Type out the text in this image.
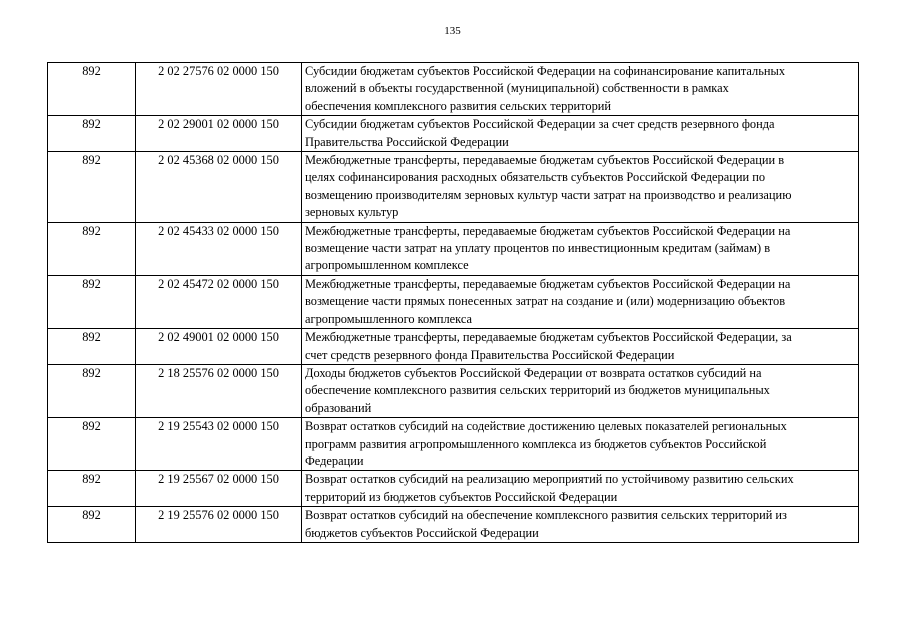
135
892	2 02 27576 02 0000 150	Субсидии бюджетам субъектов Российской Федерации на софинансирование капитальных
вложений в объекты государственной (муниципальной) собственности в рамках
обеспечения комплексного развития сельских территорий
892	2 02 29001 02 0000 150	Субсидии бюджетам субъектов Российской Федерации за счет средств резервного фонда
Правительства Российской Федерации
892	2 02 45368 02 0000 150	Межбюджетные трансферты, передаваемые бюджетам субъектов Российской Федерации в
целях софинансирования расходных обязательств субъектов Российской Федерации по
возмещению производителям зерновых культур части затрат на производство и реализацию
зерновых культур
892	2 02 45433 02 0000 150	Межбюджетные трансферты, передаваемые бюджетам субъектов Российской Федерации на
возмещение части затрат на уплату процентов по инвестиционным кредитам (займам) в
агропромышленном комплексе
892	2 02 45472 02 0000 150	Межбюджетные трансферты, передаваемые бюджетам субъектов Российской Федерации на
возмещение части прямых понесенных затрат на создание и (или) модернизацию объектов
агропромышленного комплекса
892	2 02 49001 02 0000 150	Межбюджетные трансферты, передаваемые бюджетам субъектов Российской Федерации, за
счет средств резервного фонда Правительства Российской Федерации
892	2 18 25576 02 0000 150	Доходы бюджетов субъектов Российской Федерации от возврата остатков субсидий на
обеспечение комплексного развития сельских территорий из бюджетов муниципальных
образований
892	2 19 25543 02 0000 150	Возврат остатков субсидий на содействие достижению целевых показателей региональных
программ развития агропромышленного комплекса из бюджетов субъектов Российской
Федерации
892	2 19 25567 02 0000 150	Возврат остатков субсидий на реализацию мероприятий по устойчивому развитию сельских
территорий из бюджетов субъектов Российской Федерации
892	2 19 25576 02 0000 150	Возврат остатков субсидий на обеспечение комплексного развития сельских территорий из
бюджетов субъектов Российской Федерации
